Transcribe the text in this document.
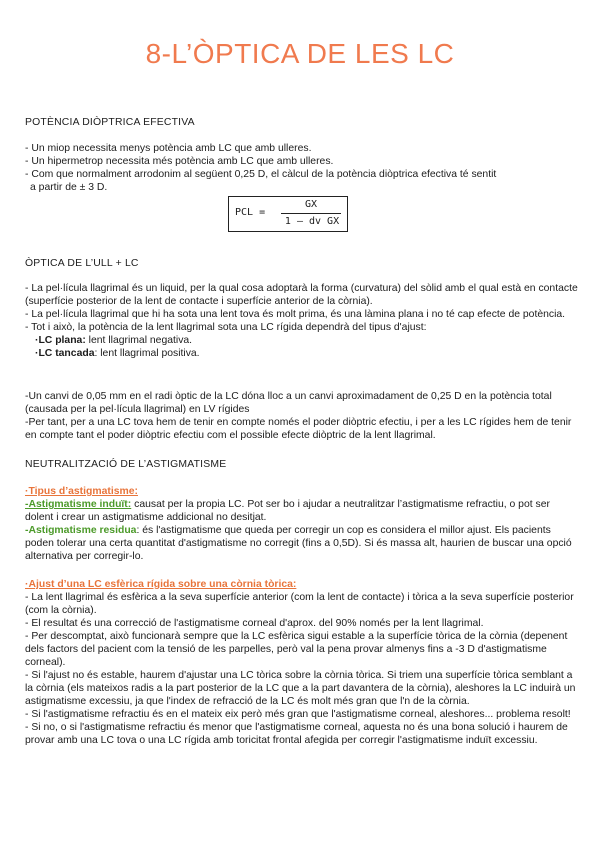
8-L’ÒPTICA DE LES LC
POTÈNCIA DIÒPTRICA EFECTIVA

- Un miop necessita menys potència amb LC que amb ulleres.

- Un hipermetrop necessita més potència amb LC que amb ulleres.

- Com que normalment arrodonim al següent 0,25 D, el càlcul de la potència diòptrica efectiva té sentit

a partir de ± 3 D.

PCL =
GX
1 – dv GX
ÒPTICA DE L’ULL + LC

- La pel·lícula llagrimal és un liquid, per la qual cosa adoptarà la forma (curvatura) del sòlid amb el qual està en contacte (superfície posterior de la lent de contacte i superfície anterior de la còrnia).

- La pel·lícula llagrimal que hi ha sota una lent tova és molt prima, és una làmina plana i no té cap efecte de potència.

- Tot i això, la potència de la lent llagrimal sota una LC rígida dependrà del tipus d'ajust:

·LC plana: lent llagrimal negativa.

·LC tancada: lent llagrimal positiva.

-Un canvi de 0,05 mm en el radi òptic de la LC dóna lloc a un canvi aproximadament de 0,25 D en la potència total (causada per la pel·lícula llagrimal) en LV rígides

-Per tant, per a una LC tova hem de tenir en compte només el poder diòptric efectiu, i per a les LC rígides hem de tenir en compte tant el poder diòptric efectiu com el possible efecte diòptric de la lent llagrimal.

NEUTRALITZACIÓ DE L’ASTIGMATISME

·Tipus d’astigmatisme:

-Astigmatisme induït: causat per la propia LC. Pot ser bo i ajudar a neutralitzar l’astigmatisme refractiu, o pot ser dolent i crear un astigmatisme addicional no desitjat.

-Astigmatisme residua: és l'astigmatisme que queda per corregir un cop es considera el millor ajust. Els pacients poden tolerar una certa quantitat d'astigmatisme no corregit (fins a 0,5D). Si és massa alt, haurien de buscar una opció alternativa per corregir-lo.

·Ajust d’una LC esfèrica rígida sobre una còrnia tòrica:

- La lent llagrimal és esfèrica a la seva superfície anterior (com la lent de contacte) i tòrica a la seva superfície posterior (com la còrnia).

- El resultat és una correcció de l'astigmatisme corneal d'aprox. del 90% només per la lent llagrimal.

- Per descomptat, això funcionarà sempre que la LC esfèrica sigui estable a la superfície tòrica de la còrnia (depenent dels factors del pacient com la tensió de les parpelles, però val la pena provar almenys fins a -3 D d'astigmatisme corneal).

- Si l'ajust no és estable, haurem d'ajustar una LC tòrica sobre la còrnia tòrica. Si triem una superfície tòrica semblant a la còrnia (els mateixos radis a la part posterior de la LC que a la part davantera de la còrnia), aleshores la LC induirà un astigmatisme excessiu, ja que l'index de refracció de la LC és molt més gran que l'n de la còrnia.

- Si l'astigmatisme refractiu és en el mateix eix però més gran que l'astigmatisme corneal, aleshores... problema resolt!

- Si no, o si l'astigmatisme refractiu és menor que l'astigmatisme corneal, aquesta no és una bona solució i haurem de provar amb una LC tova o una LC rígida amb toricitat frontal afegida per corregir l'astigmatisme induït excessiu.
